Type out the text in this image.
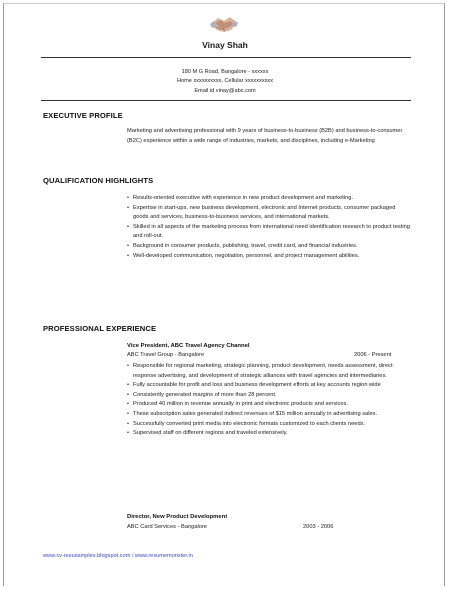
Vinay Shah
180 M G Road, Bangalore - xxxxxx
Home xxxxxxxxxx, Cellular xxxxxxxxxx
Email id vinay@abc.com
EXECUTIVE PROFILE
Marketing and advertising professional with 9 years of business-to-business (B2B) and business-to-consumer (B2C) experience within a wide range of industries, markets, and disciplines, including e-Marketing
QUALIFICATION HIGHLIGHTS
• Results-oriented executive with experience in new product development and marketing.
• Expertise in start-ups, new business development, electronic and Internet products, consumer packaged goods and services, business-to-business services, and international markets.
• Skilled in all aspects of the marketing process from international need identification research to product testing and roll-out.
• Background in consumer products, publishing, travel, credit card, and financial industries.
• Well-developed communication, negotiation, personnel, and project management abilities.
PROFESSIONAL EXPERIENCE
Vice President, ABC Travel Agency Channel
ABC Travel Group - Bangalore	2006 - Present
• Responsible for regional marketing, strategic planning, product development, needs assessment, direct response advertising, and development of strategic alliances with travel agencies and intermediaries.
• Fully accountable for profit and loss and business development efforts at key accounts region wide
• Consistently generated margins of more than 28 percent.
• Produced 40 million in revenue annually in print and electronic products and services.
• These subscription sales generated indirect revenues of $15 million annually in advertising sales.
• Successfully converted print media into electronic formats customized to each clients needs.
• Supervised staff on different regions and traveled extensively.
Director, New Product Development
ABC Card Services - Bangalore	2003 - 2006
www.cv-resusamples.blogspot.com / www.resumemonster.in
